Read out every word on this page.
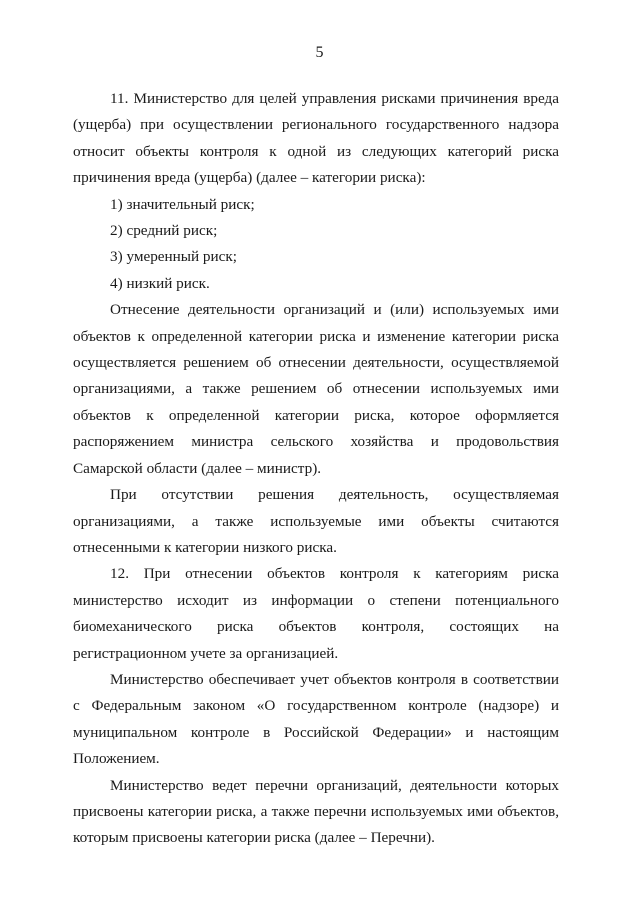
5

11. Министерство для целей управления рисками причинения вреда (ущерба) при осуществлении регионального государственного надзора относит объекты контроля к одной из следующих категорий риска причинения вреда (ущерба) (далее – категории риска):

1) значительный риск;

2) средний риск;

3) умеренный риск;

4) низкий риск.

Отнесение деятельности организаций и (или) используемых ими объектов к определенной категории риска и изменение категории риска осуществляется решением об отнесении деятельности, осуществляемой организациями, а также решением об отнесении используемых ими объектов к определенной категории риска, которое оформляется распоряжением министра сельского хозяйства и продовольствия Самарской области (далее – министр).

При отсутствии решения деятельность, осуществляемая организациями, а также используемые ими объекты считаются отнесенными к категории низкого риска.

12. При отнесении объектов контроля к категориям риска министерство исходит из информации о степени потенциального биомеханического риска объектов контроля, состоящих на регистрационном учете за организацией.

Министерство обеспечивает учет объектов контроля в соответствии с Федеральным законом «О государственном контроле (надзоре) и муниципальном контроле в Российской Федерации» и настоящим Положением.

Министерство ведет перечни организаций, деятельности которых присвоены категории риска, а также перечни используемых ими объектов, которым присвоены категории риска (далее – Перечни).
